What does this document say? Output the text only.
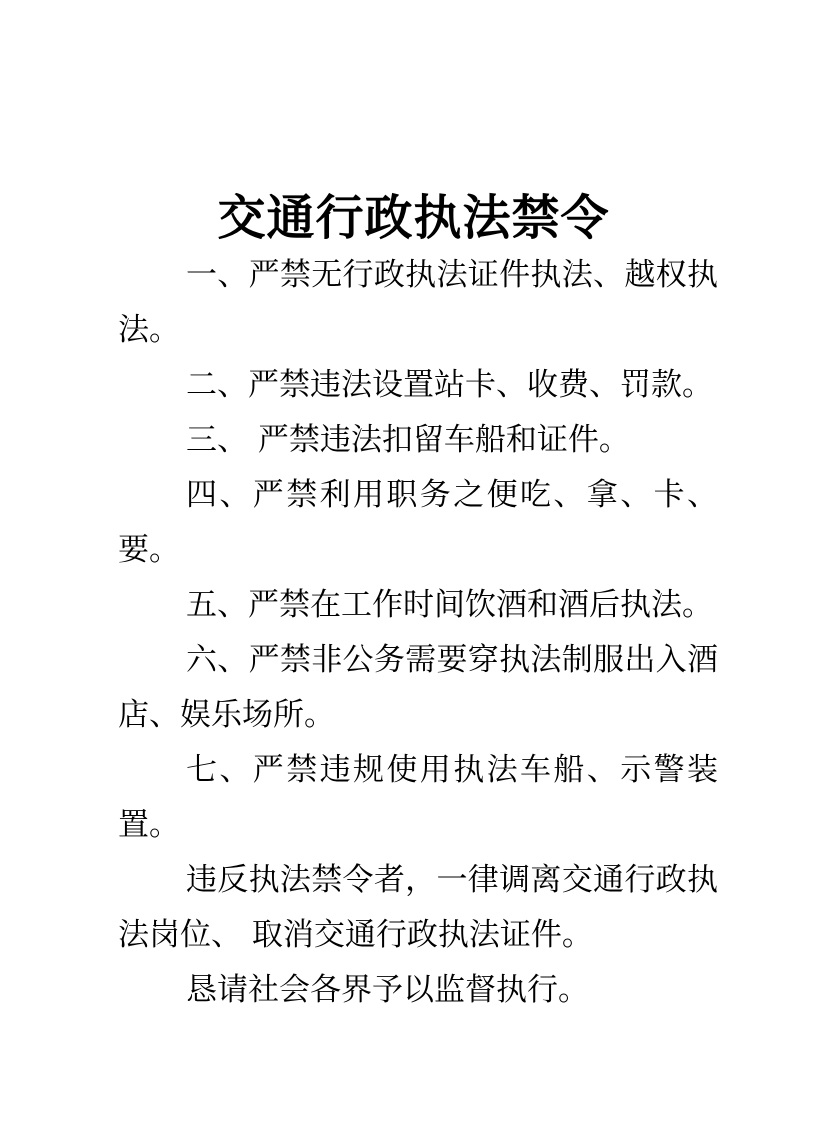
交通行政执法禁令

一、严禁无行政执法证件执法、越权执法。

二、严禁违法设置站卡、收费、罚款。

三、 严禁违法扣留车船和证件。

四、严禁利用职务之便吃、拿、卡、要。

五、严禁在工作时间饮酒和酒后执法。

六、严禁非公务需要穿执法制服出入酒店、娱乐场所。

七、严禁违规使用执法车船、示警装置。

违反执法禁令者，一律调离交通行政执法岗位、 取消交通行政执法证件。

恳请社会各界予以监督执行。
